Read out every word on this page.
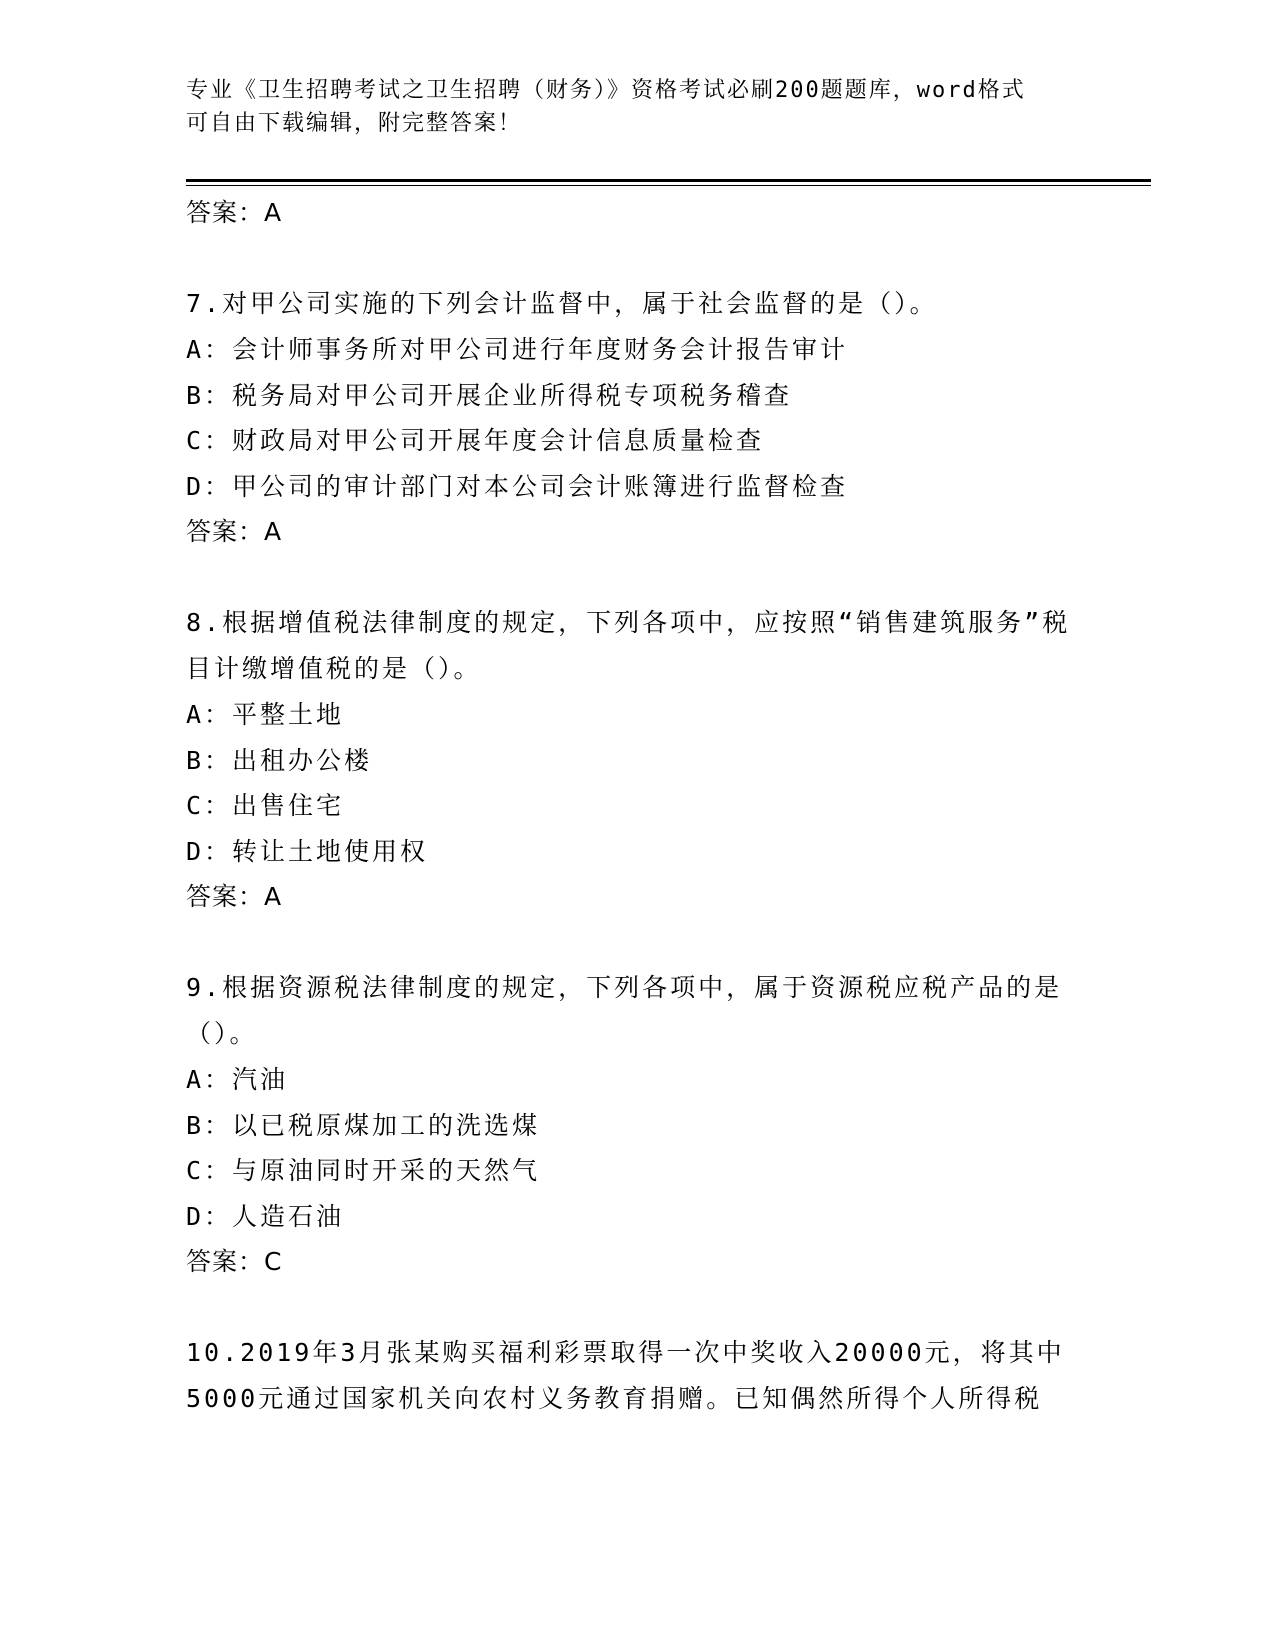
专业《卫生招聘考试之卫生招聘（财务）》资格考试必刷200题题库，word格式
可自由下载编辑，附完整答案！
答案：A
7.对甲公司实施的下列会计监督中，属于社会监督的是（）。
A：会计师事务所对甲公司进行年度财务会计报告审计
B：税务局对甲公司开展企业所得税专项税务稽查
C：财政局对甲公司开展年度会计信息质量检查
D：甲公司的审计部门对本公司会计账簿进行监督检查
答案：A
8.根据增值税法律制度的规定，下列各项中，应按照“销售建筑服务”税目计缴增值税的是（）。
A：平整土地
B：出租办公楼
C：出售住宅
D：转让土地使用权
答案：A
9.根据资源税法律制度的规定，下列各项中，属于资源税应税产品的是（）。
A：汽油
B：以已税原煤加工的洗选煤
C：与原油同时开采的天然气
D：人造石油
答案：C
10.2019年3月张某购买福利彩票取得一次中奖收入20000元，将其中5000元通过国家机关向农村义务教育捐赠。已知偶然所得个人所得税
